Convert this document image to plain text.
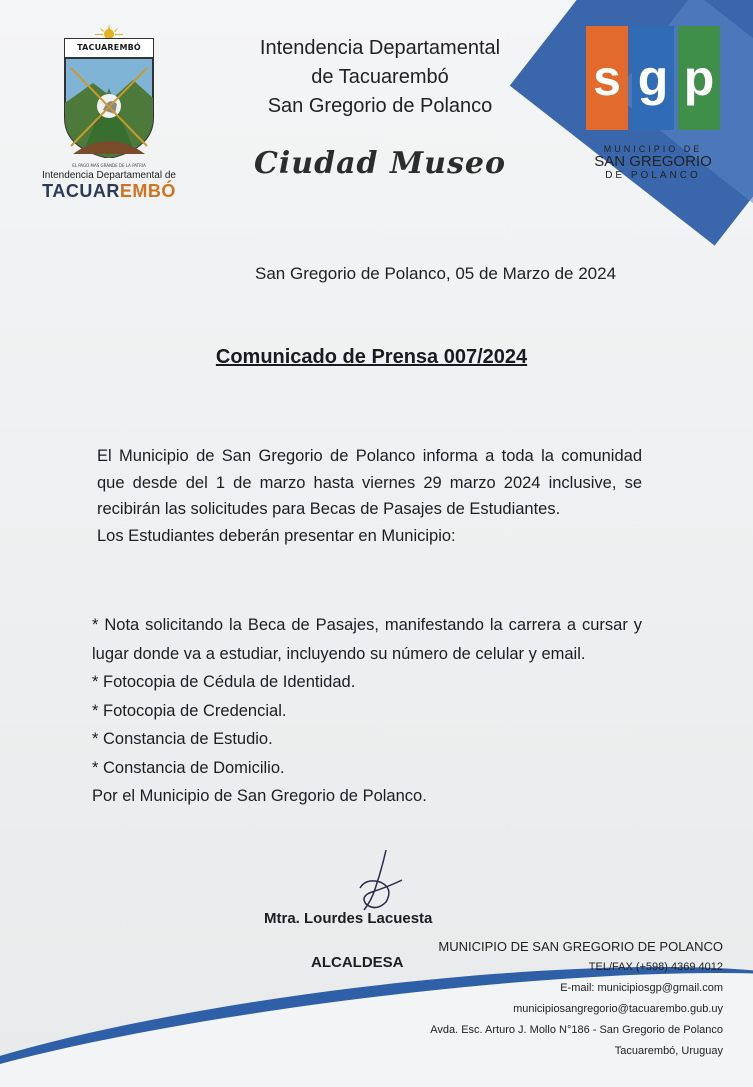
TACUAREMBÓ
EL PAGO MAS GRANDE DE LA PATRIA
Intendencia Departamental de
TACUAREMBÓ
Intendencia Departamental
de Tacuarembó
San Gregorio de Polanco
Ciudad Museo
s g p
MUNICIPIO DE
SAN GREGORIO
DE POLANCO
San Gregorio de Polanco, 05 de Marzo de 2024
Comunicado de Prensa 007/2024
El Municipio de San Gregorio de Polanco informa a toda la comunidad que desde del 1 de marzo hasta viernes 29 marzo 2024 inclusive, se recibirán las solicitudes para Becas de Pasajes de Estudiantes.
Los Estudiantes deberán presentar en Municipio:
* Nota solicitando la Beca de Pasajes, manifestando la carrera a cursar y lugar donde va a estudiar, incluyendo su número de celular y email.
* Fotocopia de Cédula de Identidad.
* Fotocopia de Credencial.
* Constancia de Estudio.
* Constancia de Domicilio.
Por el Municipio de San Gregorio de Polanco.
Mtra. Lourdes Lacuesta
ALCALDESA
MUNICIPIO DE SAN GREGORIO DE POLANCO
TEL/FAX (+598) 4369 4012
E-mail: municipiosgp@gmail.com
municipiosangregorio@tacuarembo.gub.uy
Avda. Esc. Arturo J. Mollo N°186 - San Gregorio de Polanco
Tacuarembó, Uruguay
